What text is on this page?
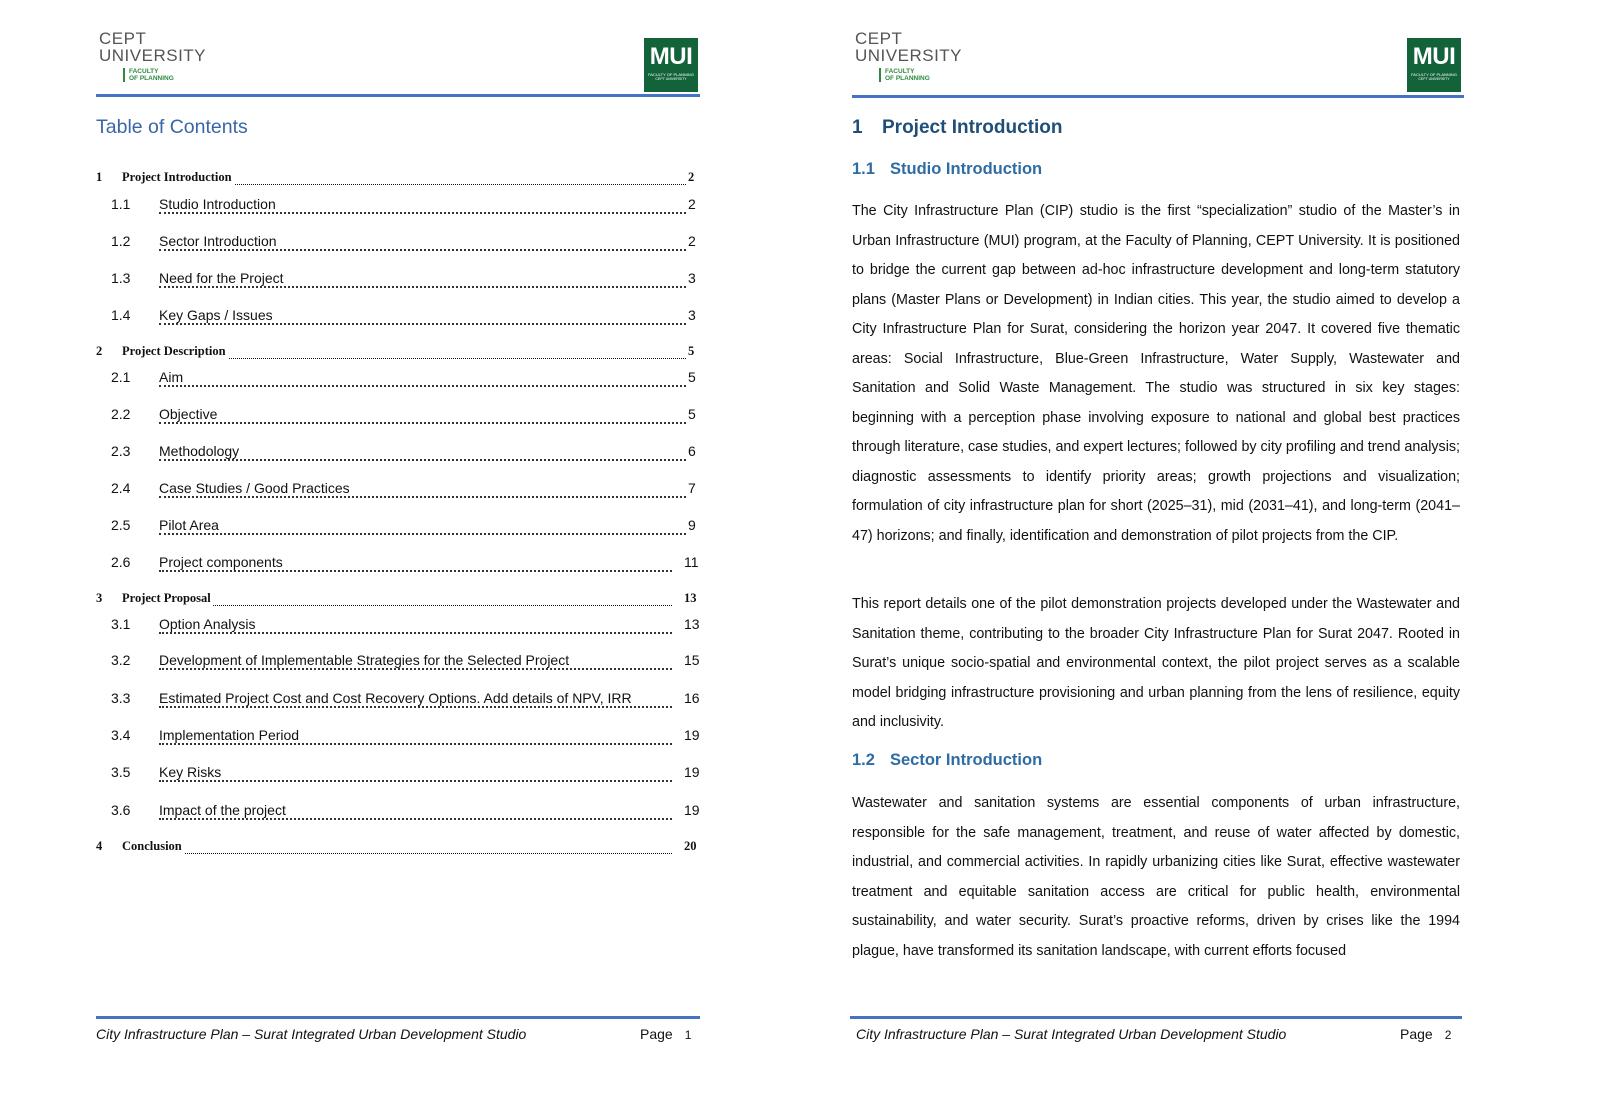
CEPT
UNIVERSITY
FACULTY
OF PLANNING
MUI
FACULTY OF PLANNING
CEPT UNIVERSITY
Table of Contents
1 Project Introduction	2
1.1 Studio Introduction	2
1.2 Sector Introduction	2
1.3 Need for the Project	3
1.4 Key Gaps / Issues	3
2 Project Description	5
2.1 Aim	5
2.2 Objective	5
2.3 Methodology	6
2.4 Case Studies / Good Practices	7
2.5 Pilot Area	9
2.6 Project components	11
3 Project Proposal	13
3.1 Option Analysis	13
3.2 Development of Implementable Strategies for the Selected Project	15
3.3 Estimated Project Cost and Cost Recovery Options. Add details of NPV, IRR	16
3.4 Implementation Period	19
3.5 Key Risks	19
3.6 Impact of the project	19
4 Conclusion	20
City Infrastructure Plan – Surat Integrated Urban Development Studio	Page 1
CEPT
UNIVERSITY
FACULTY
OF PLANNING
MUI
FACULTY OF PLANNING
CEPT UNIVERSITY
1 Project Introduction
1.1 Studio Introduction
The City Infrastructure Plan (CIP) studio is the first “specialization” studio of the Master’s in Urban Infrastructure (MUI) program, at the Faculty of Planning, CEPT University. It is positioned to bridge the current gap between ad-hoc infrastructure development and long-term statutory plans (Master Plans or Development) in Indian cities. This year, the studio aimed to develop a City Infrastructure Plan for Surat, considering the horizon year 2047. It covered five thematic areas: Social Infrastructure, Blue-Green Infrastructure, Water Supply, Wastewater and Sanitation and Solid Waste Management. The studio was structured in six key stages: beginning with a perception phase involving exposure to national and global best practices through literature, case studies, and expert lectures; followed by city profiling and trend analysis; diagnostic assessments to identify priority areas; growth projections and visualization; formulation of city infrastructure plan for short (2025–31), mid (2031–41), and long-term (2041–47) horizons; and finally, identification and demonstration of pilot projects from the CIP.
This report details one of the pilot demonstration projects developed under the Wastewater and Sanitation theme, contributing to the broader City Infrastructure Plan for Surat 2047. Rooted in Surat’s unique socio-spatial and environmental context, the pilot project serves as a scalable model bridging infrastructure provisioning and urban planning from the lens of resilience, equity and inclusivity.
1.2 Sector Introduction
Wastewater and sanitation systems are essential components of urban infrastructure, responsible for the safe management, treatment, and reuse of water affected by domestic, industrial, and commercial activities. In rapidly urbanizing cities like Surat, effective wastewater treatment and equitable sanitation access are critical for public health, environmental sustainability, and water security. Surat’s proactive reforms, driven by crises like the 1994 plague, have transformed its sanitation landscape, with current efforts focused
City Infrastructure Plan – Surat Integrated Urban Development Studio	Page 2
